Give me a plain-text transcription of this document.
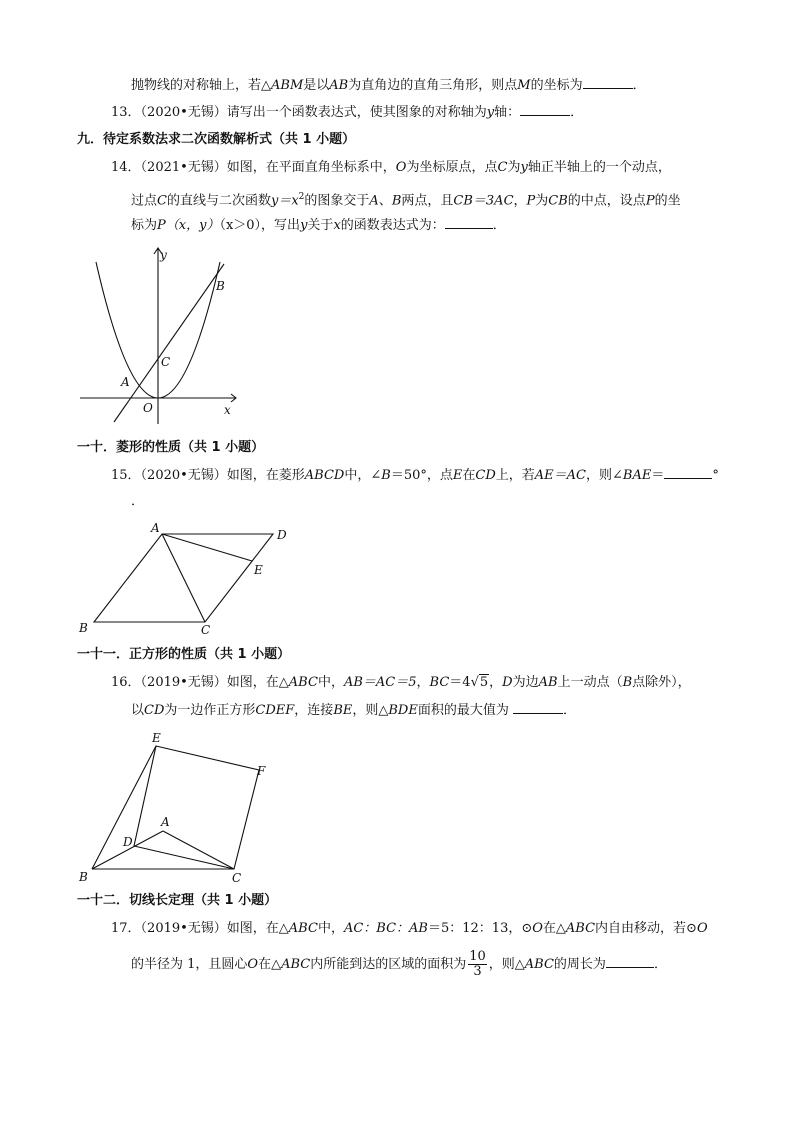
抛物线的对称轴上，若△ABM是以AB为直角边的直角三角形，则点M的坐标为	．
13．（2020•无锡）请写出一个函数表达式，使其图象的对称轴为y轴：	．
九．待定系数法求二次函数解析式（共 1 小题）
14．（2021•无锡）如图，在平面直角坐标系中，O为坐标原点，点C为y轴正半轴上的一个动点，
过点C的直线与二次函数$y=x^2$的图象交于A、B两点，且CB＝3AC，P为CB的中点，设点P的坐
标为P（x，y）（x＞0），写出y关于x的函数表达式为：	．
y
x
O
A
B
C
一十．菱形的性质（共 1 小题）
15．（2020•无锡）如图，在菱形ABCD中，∠B＝50°，点E在CD上，若AE＝AC，则∠BAE＝	°
．
A	D
E
B	C
一十一．正方形的性质（共 1 小题）
16．（2019•无锡）如图，在△ABC中，AB＝AC＝5，BC＝4√5，D为边AB上一动点（B点除外），
以CD为一边作正方形CDEF，连接BE，则△BDE面积的最大值为	．
E
F
A
D
B	C
一十二．切线长定理（共 1 小题）
17．（2019•无锡）如图，在△ABC中，AC：BC：AB＝5：12：13，⊙O在△ABC内自由移动，若⊙O
的半径为 1，且圆心O在△ABC内所能到达的区域的面积为 $\frac{10}{3}$ ，则△ABC的周长为	．
